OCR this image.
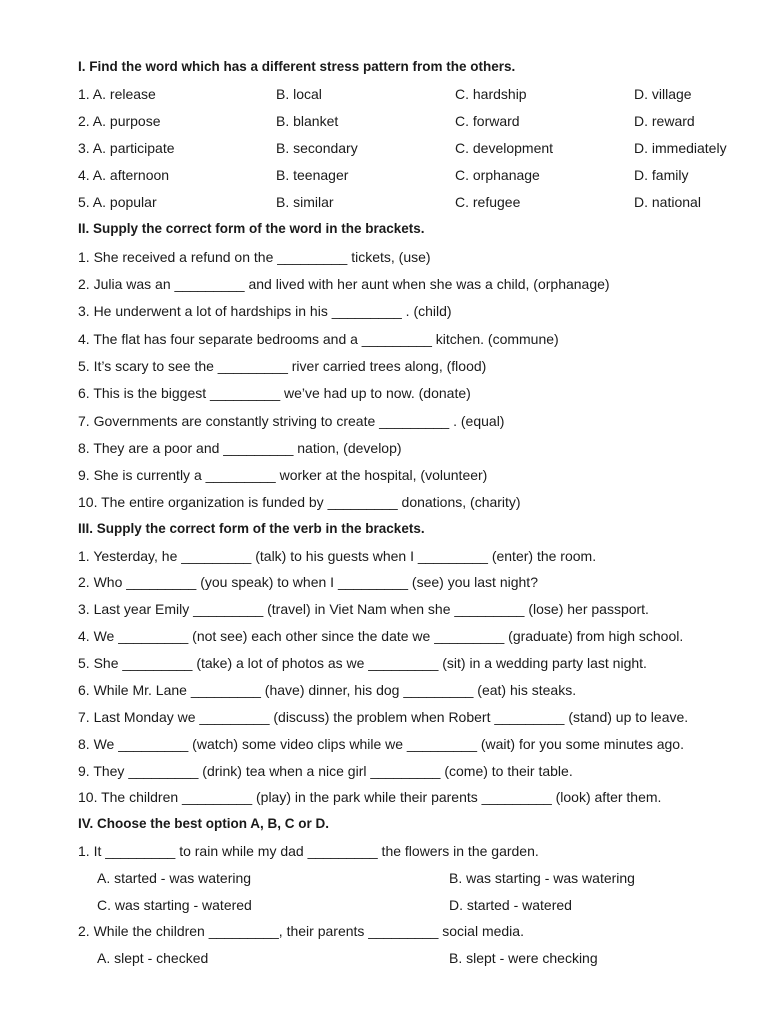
I. Find the word which has a different stress pattern from the others.
1. A. release	B. local	C. hardship	D. village
2. A. purpose	B. blanket	C. forward	D. reward
3. A. participate	B. secondary	C. development	D. immediately
4. A. afternoon	B. teenager	C. orphanage	D. family
5. A. popular	B. similar	C. refugee	D. national
II. Supply the correct form of the word in the brackets.
1. She received a refund on the _________ tickets, (use)
2. Julia was an _________ and lived with her aunt when she was a child, (orphanage)
3. He underwent a lot of hardships in his _________ . (child)
4. The flat has four separate bedrooms and a _________ kitchen. (commune)
5. It’s scary to see the _________ river carried trees along, (flood)
6. This is the biggest _________ we’ve had up to now. (donate)
7. Governments are constantly striving to create _________ . (equal)
8. They are a poor and _________ nation, (develop)
9. She is currently a _________ worker at the hospital, (volunteer)
10. The entire organization is funded by _________ donations, (charity)
III. Supply the correct form of the verb in the brackets.
1. Yesterday, he _________ (talk) to his guests when I _________ (enter) the room.
2. Who _________ (you speak) to when I _________ (see) you last night?
3. Last year Emily _________ (travel) in Viet Nam when she _________ (lose) her passport.
4. We _________ (not see) each other since the date we _________ (graduate) from high school.
5. She _________ (take) a lot of photos as we _________ (sit) in a wedding party last night.
6. While Mr. Lane _________ (have) dinner, his dog _________ (eat) his steaks.
7. Last Monday we _________ (discuss) the problem when Robert _________ (stand) up to leave.
8. We _________ (watch) some video clips while we _________ (wait) for you some minutes ago.
9. They _________ (drink) tea when a nice girl _________ (come) to their table.
10. The children _________ (play) in the park while their parents _________ (look) after them.
IV. Choose the best option A, B, C or D.
1. It _________ to rain while my dad _________ the flowers in the garden.
A. started - was watering	B. was starting - was watering
C. was starting - watered	D. started - watered
2. While the children _________, their parents _________ social media.
A. slept - checked	B. slept - were checking
